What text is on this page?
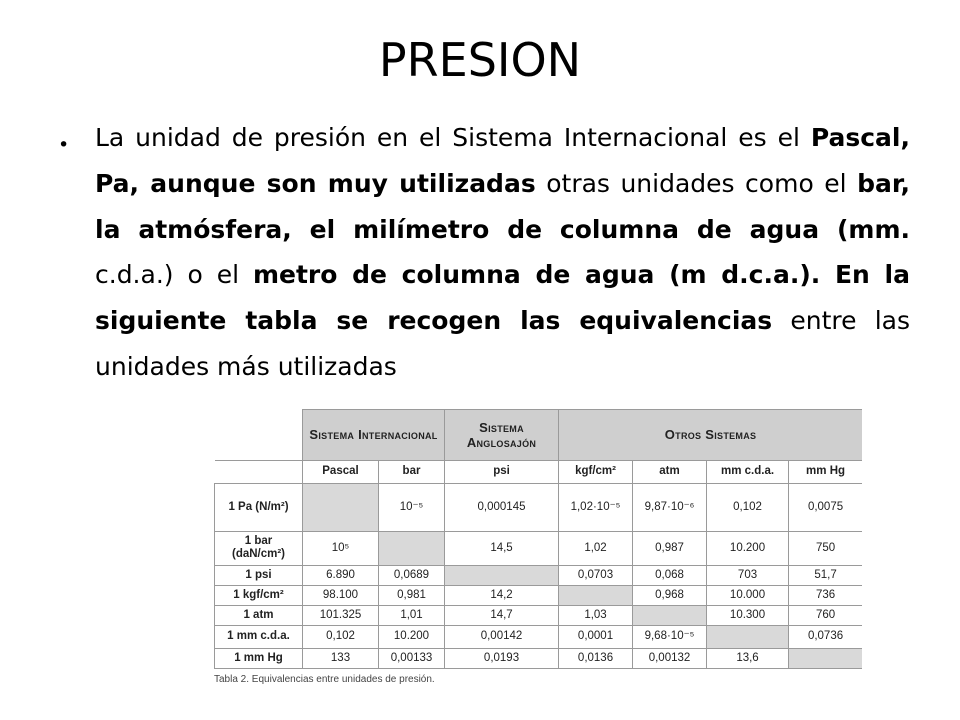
PRESION
• La unidad de presión en el Sistema Internacional es el Pascal, Pa, aunque son muy utilizadas otras unidades como el bar, la atmósfera, el milímetro de columna de agua (mm. c.d.a.) o el metro de columna de agua (m d.c.a.). En la siguiente tabla se recogen las equivalencias entre las unidades más utilizadas
	Sistema Internacional		Sistema Anglosajón	Otros Sistemas			
	Pascal	bar	psi	kgf/cm²	atm	mm c.d.a.	mm Hg
1 Pa (N/m²)		10⁻⁵	0,000145	1,02·10⁻⁵	9,87·10⁻⁶	0,102	0,0075
1 bar (daN/cm²)	10⁵		14,5	1,02	0,987	10.200	750
1 psi	6.890	0,0689		0,0703	0,068	703	51,7
1 kgf/cm²	98.100	0,981	14,2		0,968	10.000	736
1 atm	101.325	1,01	14,7	1,03		10.300	760
1 mm c.d.a.	0,102	10.200	0,00142	0,0001	9,68·10⁻⁵		0,0736
1 mm Hg	133	0,00133	0,0193	0,0136	0,00132	13,6	
Tabla 2. Equivalencias entre unidades de presión.
